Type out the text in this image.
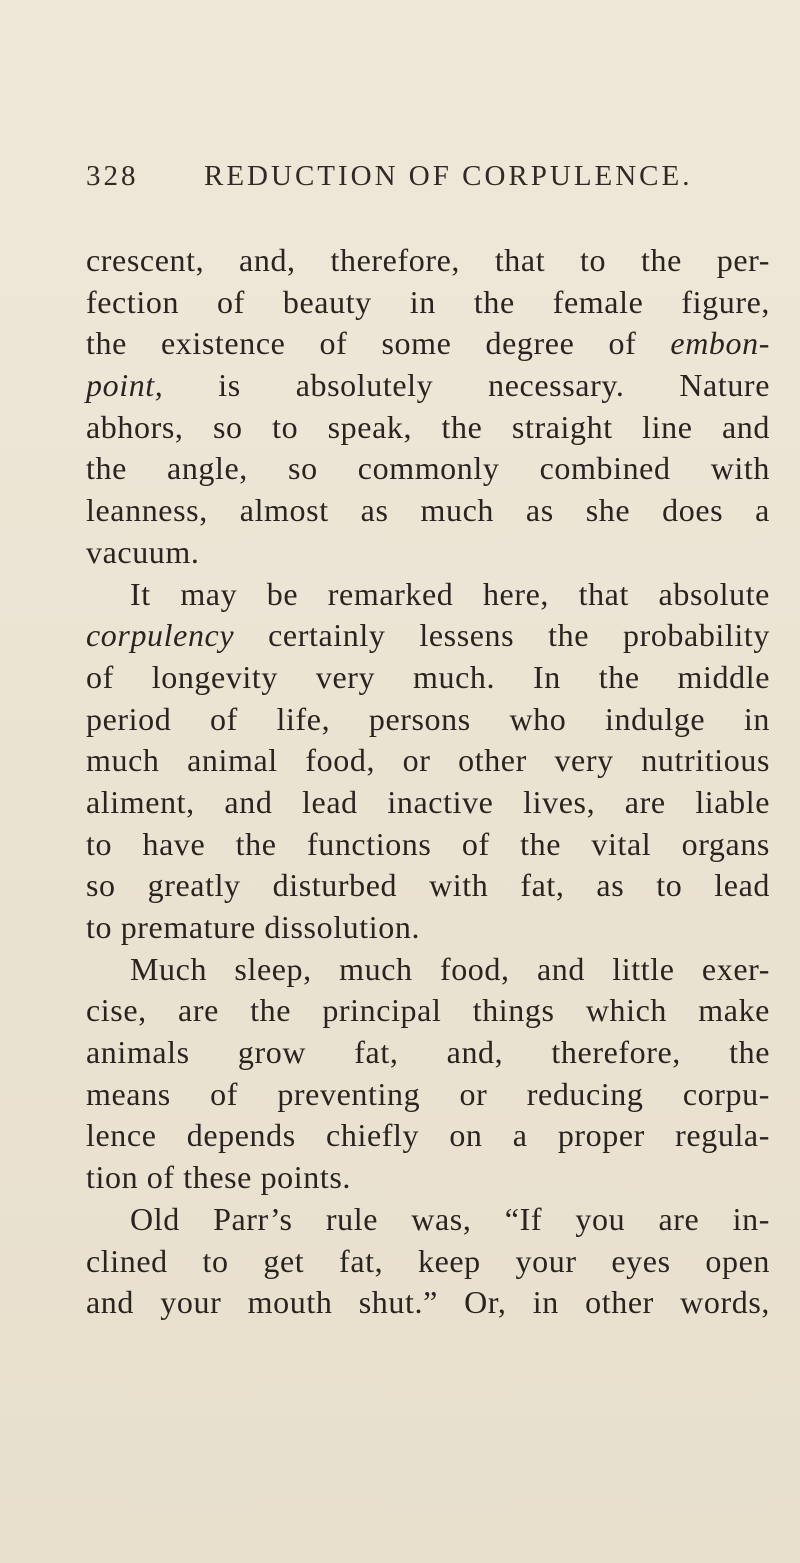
328 REDUCTION OF CORPULENCE.
crescent, and, therefore, that to the per-
fection of beauty in the female figure,
the existence of some degree of embon-
point, is absolutely necessary. Nature
abhors, so to speak, the straight line and
the angle, so commonly combined with
leanness, almost as much as she does a
vacuum.
It may be remarked here, that absolute
corpulency certainly lessens the probability
of longevity very much. In the middle
period of life, persons who indulge in
much animal food, or other very nutritious
aliment, and lead inactive lives, are liable
to have the functions of the vital organs
so greatly disturbed with fat, as to lead
to premature dissolution.
Much sleep, much food, and little exer-
cise, are the principal things which make
animals grow fat, and, therefore, the
means of preventing or reducing corpu-
lence depends chiefly on a proper regula-
tion of these points.
Old Parr’s rule was, “If you are in-
clined to get fat, keep your eyes open
and your mouth shut.” Or, in other words,
